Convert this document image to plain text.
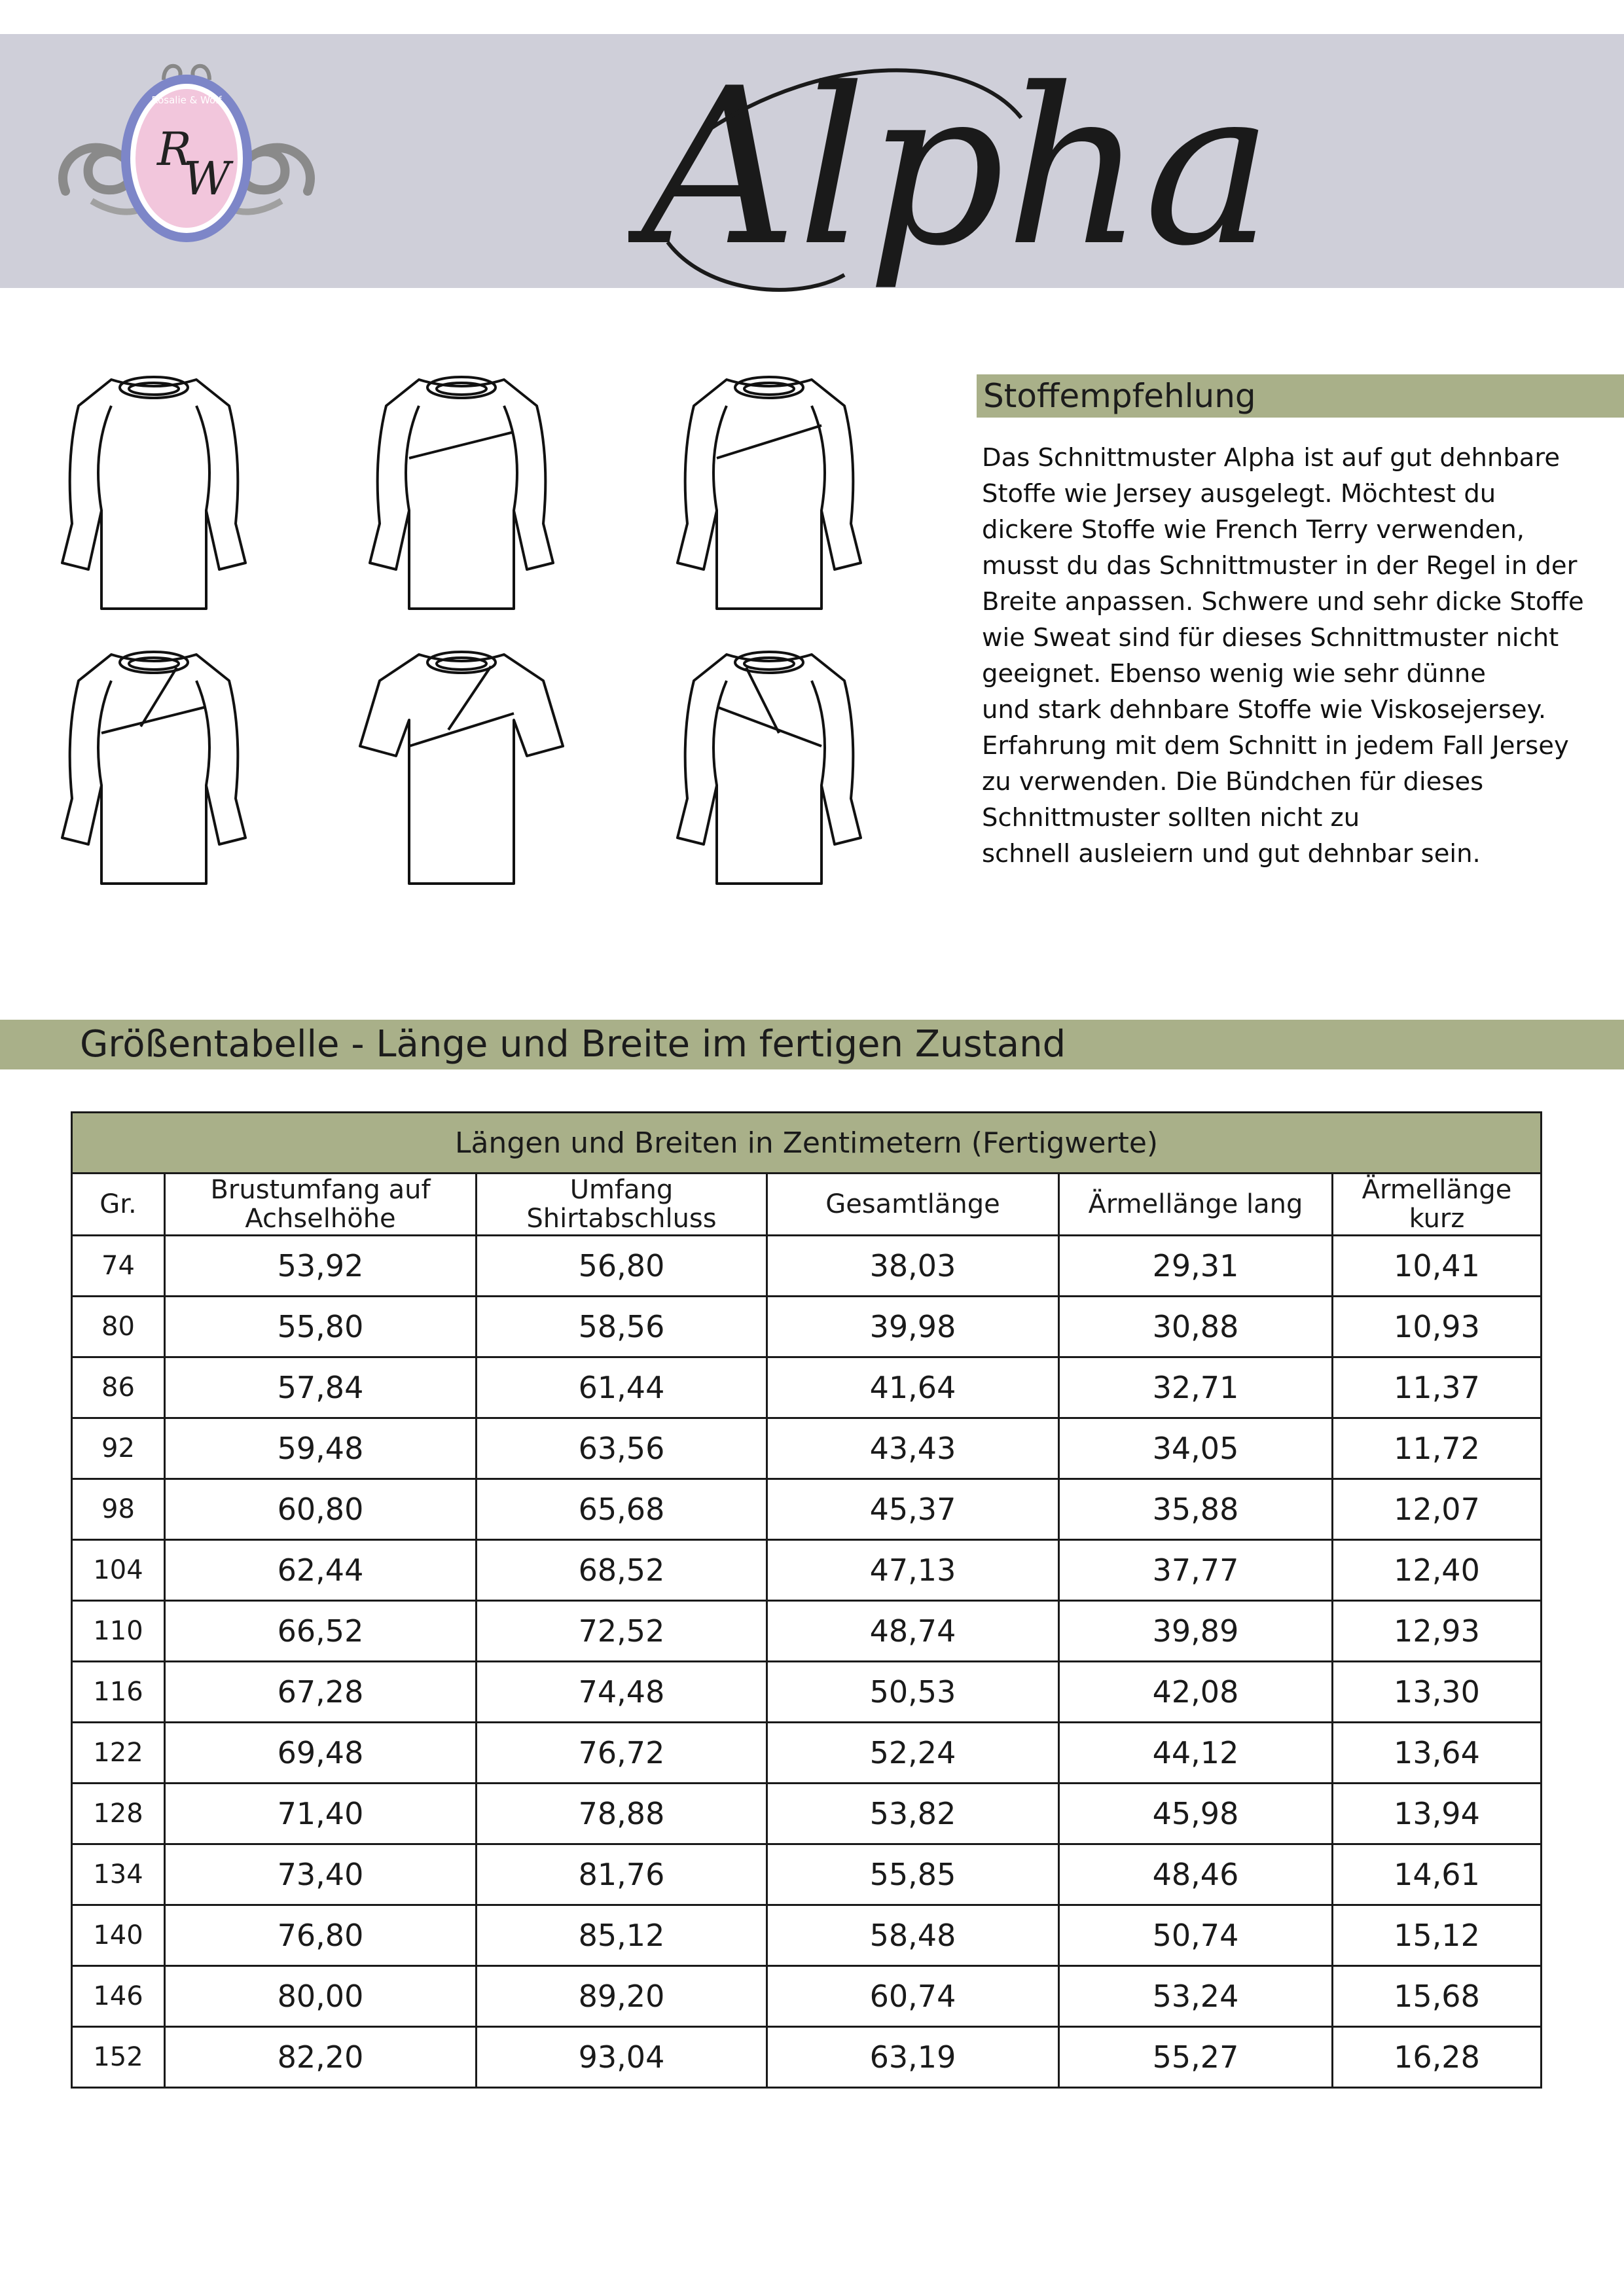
R
W
Rosalie & Wolf Alpha
Stoffempfehlung
Das Schnittmuster Alpha ist auf gut dehnbare
Stoffe wie Jersey ausgelegt. Möchtest du
dickere Stoffe wie French Terry verwenden,
musst du das Schnittmuster in der Regel in der
Breite anpassen. Schwere und sehr dicke Stoffe
wie Sweat sind für dieses Schnittmuster nicht
geeignet. Ebenso wenig wie sehr dünne
und stark dehnbare Stoffe wie Viskosejersey.
Erfahrung mit dem Schnitt in jedem Fall Jersey
zu verwenden. Die Bündchen für dieses
Schnittmuster sollten nicht zu
schnell ausleiern und gut dehnbar sein.
Größentabelle - Länge und Breite im fertigen Zustand
Längen und Breiten in Zentimetern (Fertigwerte)					
Gr.	Brustumfang auf Achselhöhe	Umfang Shirtabschluss	Gesamtlänge	Ärmellänge lang	Ärmellänge kurz
74	53,92	56,80	38,03	29,31	10,41
80	55,80	58,56	39,98	30,88	10,93
86	57,84	61,44	41,64	32,71	11,37
92	59,48	63,56	43,43	34,05	11,72
98	60,80	65,68	45,37	35,88	12,07
104	62,44	68,52	47,13	37,77	12,40
110	66,52	72,52	48,74	39,89	12,93
116	67,28	74,48	50,53	42,08	13,30
122	69,48	76,72	52,24	44,12	13,64
128	71,40	78,88	53,82	45,98	13,94
134	73,40	81,76	55,85	48,46	14,61
140	76,80	85,12	58,48	50,74	15,12
146	80,00	89,20	60,74	53,24	15,68
152	82,20	93,04	63,19	55,27	16,28
